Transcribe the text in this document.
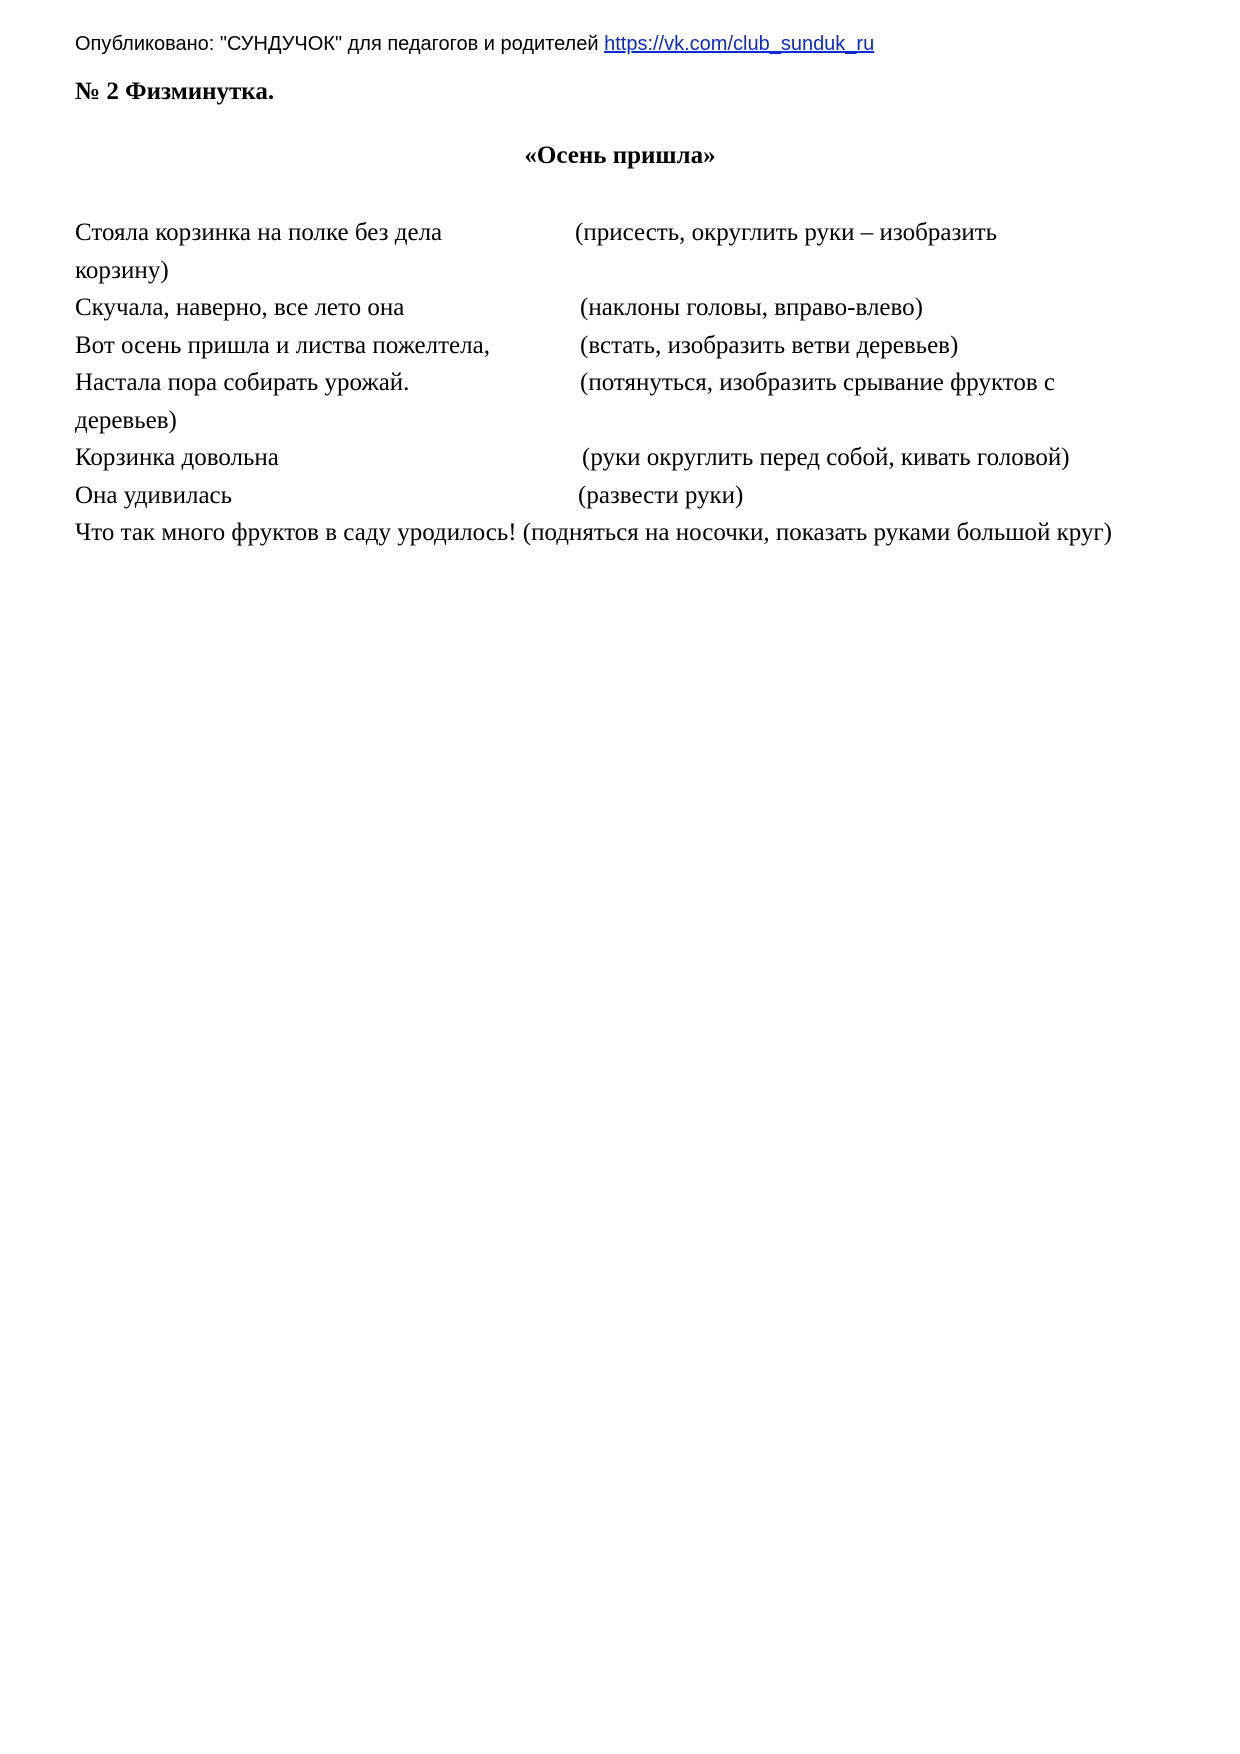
Опубликовано: "СУНДУЧОК" для педагогов и родителей https://vk.com/club_sunduk_ru
№ 2 Физминутка.
«Осень пришла»
Стояла корзинка на полке без дела	(присесть, округлить руки – изобразить
корзину)
Скучала, наверно, все лето она	(наклоны головы, вправо-влево)
Вот осень пришла и листва пожелтела,	(встать, изобразить ветви деревьев)
Настала пора собирать урожай.	(потянуться, изобразить срывание фруктов с
деревьев)
Корзинка довольна	(руки округлить перед собой, кивать головой)
Она удивилась	(развести руки)
Что так много фруктов в саду уродилось! (подняться на носочки, показать руками большой круг)
